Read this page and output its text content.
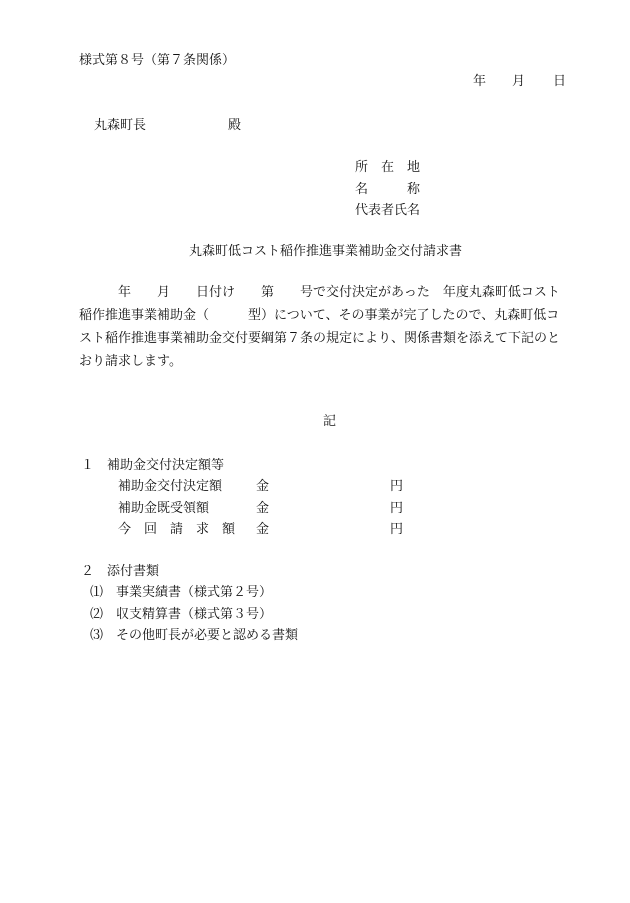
様式第８号（第７条関係）
年 月 日
丸森町長	殿
所　在　地
名　　　称
代表者氏名
丸森町低コスト稲作推進事業補助金交付請求書
　　　年　　月　　日付け　　第　　号で交付決定があった　年度丸森町低コスト
稲作推進事業補助金（　　　型）について、その事業が完了したので、丸森町低コ
スト稲作推進事業補助金交付要綱第７条の規定により、関係書類を添えて下記のと
おり請求します。
記
１　補助金交付決定額等
補助金交付決定額	金	円
補助金既受領額	金	円
今　回　請　求　額 金	円
２　添付書類
⑴　事業実績書（様式第２号）
⑵　収支精算書（様式第３号）
⑶　その他町長が必要と認める書類
